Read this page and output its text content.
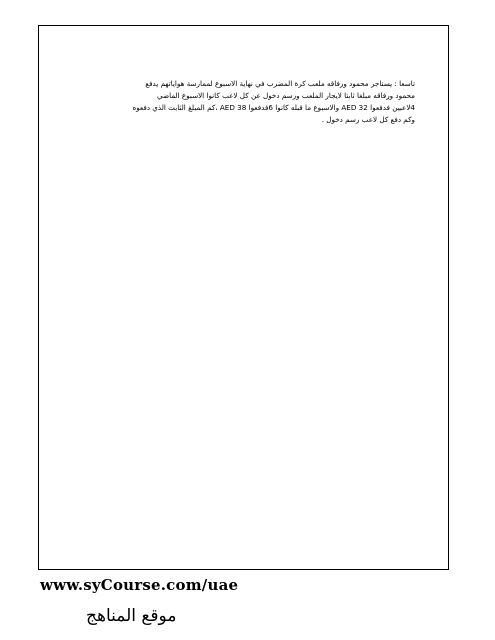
تاسعا : يستاجر محمود ورفاقه ملعب كرة المضرب في نهاية الاسبوع لممارسة هواياتهم يدفع
محمود ورفاقه مبلغا ثابتا لايجار الملعب ورسم دخول عن كل لاعب كانوا الاسبوع الماضي
4لاعبين فدفعوا AED 32 والاسبوع ما قبله كانوا 6فدفعوا AED 38 ،كم المبلغ الثابت الذي دفعوه
وكم دفع كل لاعب رسم دخول .
www.syCourse.com/uae
موقع المناهج
